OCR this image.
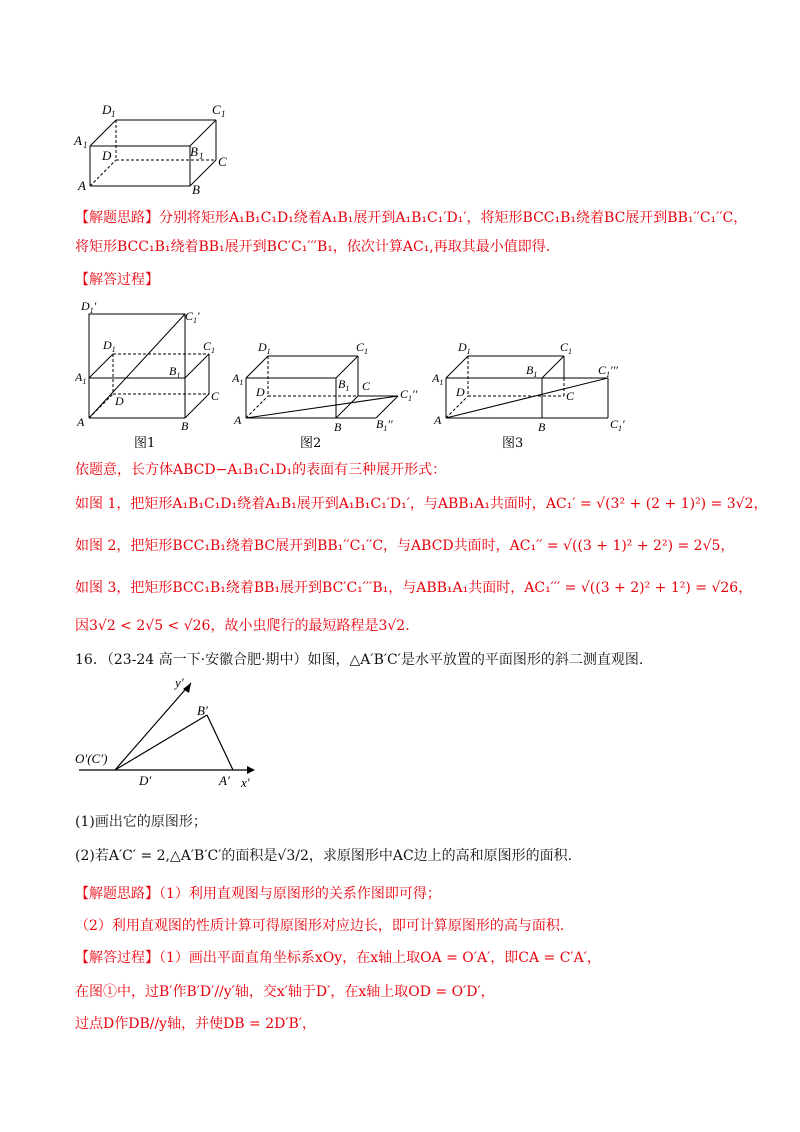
D 1	C 1
A 1	B 1
D	C
A	B
【解题思路】分别将矩形A₁B₁C₁D₁绕着A₁B₁展开到A₁B₁C₁′D₁′，将矩形BCC₁B₁绕着BC展开到BB₁′′C₁′′C，
将矩形BCC₁B₁绕着BB₁展开到BC′C₁′′′B₁，依次计算AC₁,再取其最小值即得.
【解答过程】
$D_1'$
$C_1'$
$D_1$	$C_1$
$A_1$
$B_1$
D	C
A	B
图1
$D_1$	$C_1$
$A_1$	$B_1$
D	C
$C_1''$
A	B	$B_1''$
图2
$D_1$	$C_1$
$A_1$
$B_1$
D	C
$C_1'''$
A	B	$C_1'$
图3
依题意，长方体ABCD−A₁B₁C₁D₁的表面有三种展开形式：
如图 1，把矩形A₁B₁C₁D₁绕着A₁B₁展开到A₁B₁C₁′D₁′，与ABB₁A₁共面时，AC₁′ = √(3² + (2 + 1)²) = 3√2，
如图 2，把矩形BCC₁B₁绕着BC展开到BB₁′′C₁′′C，与ABCD共面时，AC₁′′ = √((3 + 1)² + 2²) = 2√5，
如图 3，把矩形BCC₁B₁绕着BB₁展开到BC′C₁′′′B₁，与ABB₁A₁共面时，AC₁′′′ = √((3 + 2)² + 1²) = √26，
因3√2 < 2√5 < √26，故小虫爬行的最短路程是3√2.
16．（23-24 高一下·安徽合肥·期中）如图，△A′B′C′是水平放置的平面图形的斜二测直观图.
y′
B′
O′(C′)
D′	A′ x′
(1)画出它的原图形；
(2)若A′C′ = 2,△A′B′C′的面积是√3/2，求原图形中AC边上的高和原图形的面积.
【解题思路】（1）利用直观图与原图形的关系作图即可得；
（2）利用直观图的性质计算可得原图形对应边长，即可计算原图形的高与面积.
【解答过程】（1）画出平面直角坐标系xOy，在x轴上取OA = O′A′，即CA = C′A′，
在图①中，过B′作B′D′//y′轴，交x′轴于D′，在x轴上取OD = O′D′，
过点D作DB//y轴，并使DB = 2D′B′，
